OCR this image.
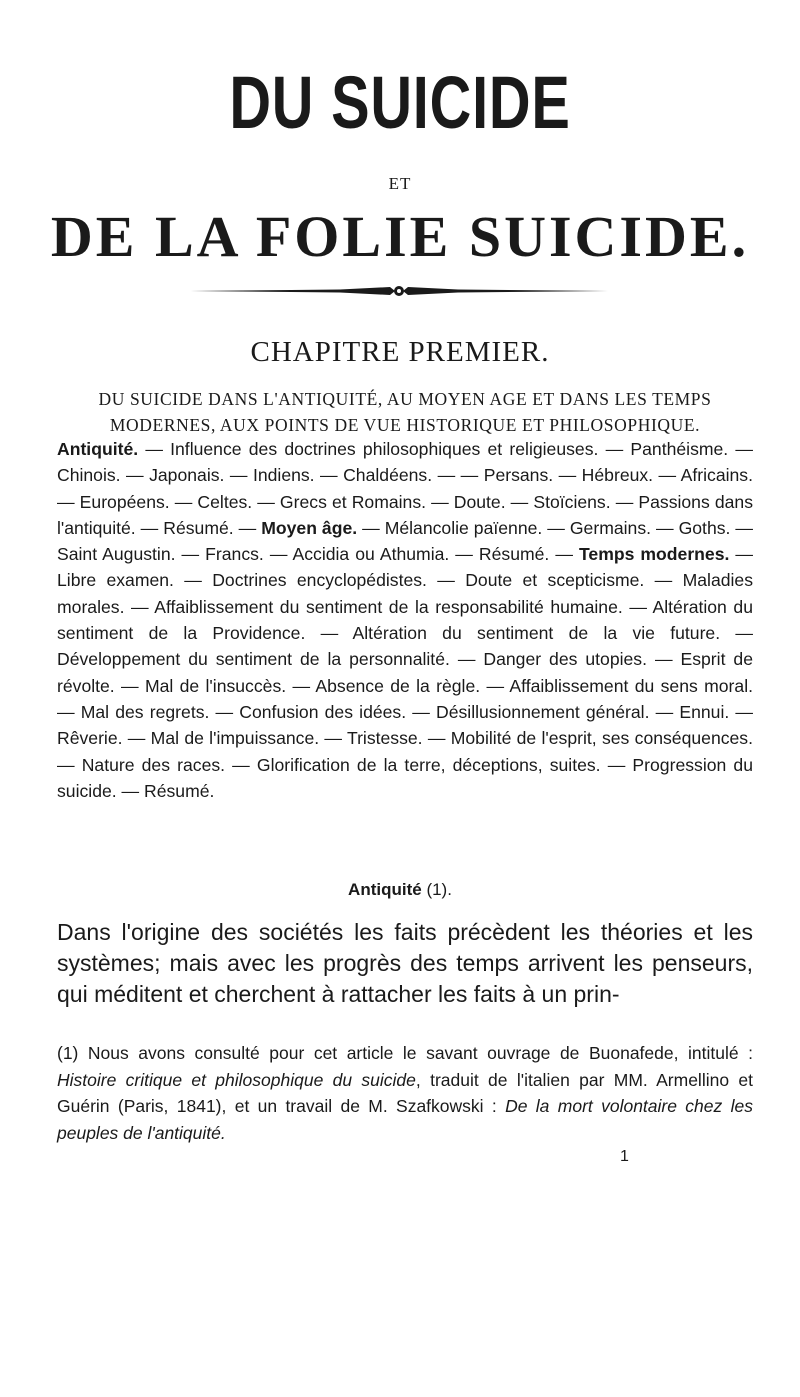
DU SUICIDE
ET
DE LA FOLIE SUICIDE.
CHAPITRE PREMIER.
DU SUICIDE DANS L'ANTIQUITÉ, AU MOYEN AGE ET DANS LES TEMPS MODERNES, AUX POINTS DE VUE HISTORIQUE ET PHILOSOPHIQUE.
Antiquité. — Influence des doctrines philosophiques et religieuses. — Panthéisme. — Chinois. — Japonais. — Indiens. — Chaldéens. — — Persans. — Hébreux. — Africains. — Européens. — Celtes. — Grecs et Romains. — Doute. — Stoïciens. — Passions dans l'antiquité. — Résumé. — Moyen âge. — Mélancolie païenne. — Germains. — Goths. — Saint Augustin. — Francs. — Accidia ou Athumia. — Résumé. — Temps modernes. — Libre examen. — Doctrines encyclopédistes. — Doute et scepticisme. — Maladies morales. — Affaiblissement du sentiment de la responsabilité humaine. — Altération du sentiment de la Providence. — Altération du sentiment de la vie future. — Développement du sentiment de la personnalité. — Danger des utopies. — Esprit de révolte. — Mal de l'insuccès. — Absence de la règle. — Affaiblissement du sens moral. — Mal des regrets. — Confusion des idées. — Désillusionnement général. — Ennui. — Rêverie. — Mal de l'impuissance. — Tristesse. — Mobilité de l'esprit, ses conséquences. — Nature des races. — Glorification de la terre, déceptions, suites. — Progression du suicide. — Résumé.
Antiquité (1).
Dans l'origine des sociétés les faits précèdent les théories et les systèmes; mais avec les progrès des temps arrivent les penseurs, qui méditent et cherchent à rattacher les faits à un prin-
(1) Nous avons consulté pour cet article le savant ouvrage de Buonafede, intitulé : Histoire critique et philosophique du suicide, traduit de l'italien par MM. Armellino et Guérin (Paris, 1841), et un travail de M. Szafkowski : De la mort volontaire chez les peuples de l'antiquité.
1
